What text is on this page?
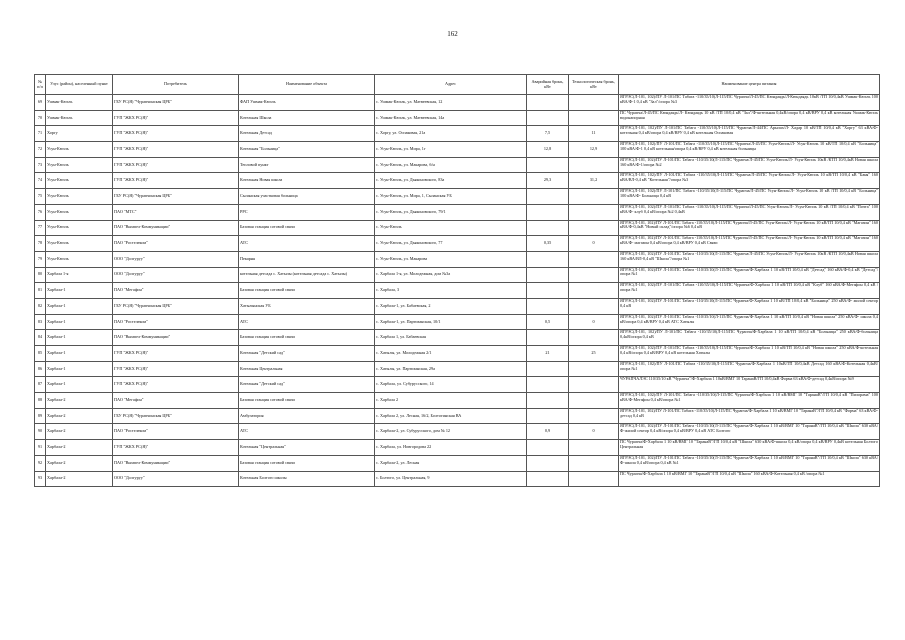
162
№ п/п	Улус (район), населенный пункт	Потребитель	Наименование объекта	Адрес	Аварийная бронь, кВт	Технологическая бронь, кВт	Наименование центра питания
69	Ушмак-Кюэль	ГБУ РС(Я) "Чурапчинская ЦРБ"	ФАП Ушмак-Кюэль	с. Ушмак-Кюэль, ул. Матвеевская, 12			ЯГРЭС(Л-101, 102)/ПУ Л-101/ПС Табага -110/35/10(Л-115/ПС Чурапча/Л-45/ПС Кюндаядь/Л-Кюндаядь 10кВ /ТП 10/0,4кВ Ушмак-Кюэль 100 кВА/Ф-1 0,4 кВ "Зал"/опора №3
70	Ушмак-Кюэль	ГУП "ЖКХ РС(Я)"	Котельная Школа	с. Ушмак-Кюэль, ул. Матвеевская, 14а			ПС Чурапча/Л-45/ПС Кюндаядь/Л- Кюндаядь 10 кВ /ТП 10/0,4 кВ "Зал"/Ф-котельная 0,4кВ/опора 0,4 кВ/ВРУ 0,4 кВ котельная Ушмак-Кюэль водонапорная
71	Хоргу	ГУП "ЖКХ РС(Я)"	Котельная Детсад	с. Хоргу, ул. Оспаковая, 21а	7,5	11	ЯГРЭС(Л-101, 102)/ПУ Л-101/ПС Табага -110/35/10(Л-115/ПС Чурапча/Л-44/ПС Арылах/Л- Хадар 10 кВ/ТП 10/0,4 кВ "Хоргу" 63 кВА/Ф-котельная 0,4 кВ/опора 0,4 кВ/ВРУ 0,4 кВ котельная Оспаковая
72	Усун-Кюэль	ГУП "ЖКХ РС(Я)"	Котельная "Больница"	с. Усун-Кюэль, ул. Мира, 1г	12,8	12,9	ЯГРЭС(Л-101, 102)/ПУ Л-101/ПС Табага -110/35/10(Л-115/ПС Чурапча/Л-45/ПС Усун-Кюэль/Л- Усун-Кюэль 10 кВ/ТП 10/0,4 кВ "Больница" 100 кВА/Ф-1 0,4 кВ котельная/опора 0,4 кВ/ВРУ 0,4 кВ котельная больницы
73	Усун-Кюэль	ГУП "ЖКХ РС(Я)"	Тепловой пункт	с. Усун-Кюэль, ул. Макарова, б/н			ЯГРЭС(Л-101, 102)/ПУ Л-101/ПС Табага -110/35/10(Л-115/ПС Чурапча/Л-45/ПС Усун-Кюэль/Л- Усун-Кюэль 10кВ /КТП 10/0,4кВ Новая школа 160 кВА/Ф-1/опора №2
74	Усун-Кюэль	ГУП "ЖКХ РС(Я)"	Котельная Новая школа	с. Усун-Кюэль, ул. Дьяконовского, 83а	29,3	31,2	ЯГРЭС(Л-101, 102)/ПУ Л-101/ПС Табага -110/35/10(Л-115/ПС Чурапча/Л-45/ПС Усун-Кюэль/Л- Усун-Кюэль 10 кВ/ТП 10/0,4 кВ "Баня" 160 кВА/ВЛ-0,4 кВ "Котельная"/опора №3
75	Усун-Кюэль	ГБУ РС(Я) "Чурапчинская ЦРБ"	Сыланская участковая больница	с. Усун-Кюэль, ул. Мира, 1, Сыланская УБ			ЯГРЭС(Л-101, 102)/ПУ Л-101/ПС Табага -110/35/10(Л-115/ПС Чурапча/Л-45/ПС Усун-Кюэль/Л- Усун-Кюэль 10 кВ /ТП 10/0,4 кВ "Больница" 100 кВА/Ф- Больница 0,4 кВ
76	Усун-Кюэль	ПАО "МТС"	РРС	с. Усун-Кюэль, ул. Дьяконовского, 79/1			ЯГРЭС(Л-101, 102)/ПУ Л-101/ПС Табага -110/35/10(Л-115/ПС Чурапча/Л-45/ПС Усун-Кюэль/Л- Усун-Кюэль 10 кВ /ТП 10/0,4 кВ "Почта" 100 кВА/Ф- клуб 0,4 кВ/опора №2 0,4кВ
77	Усун-Кюэль	ПАО "Вымпел-Коммуникации"	Базовая станция сотовой связи	с. Усун-Кюэль			ЯГРЭС(Л-101, 102)/ПУ Л-101/ПС Табага -110/35/10(Л-115/ПС Чурапча/Л-45/ПС Усун-Кюэль/Л- Усун-Кюэль 10 кВ/ТП 10/0,4 кВ "Магазин" 160 кВА/Ф-0,4кВ "Новый склад"/опора №6 0,4 кВ
78	Усун-Кюэль	ПАО "Ростелеком"	АТС	с. Усун-Кюэль, ул. Дьяконовского, 77	0,35	0	ЯГРЭС(Л-101, 102)/ПУ Л-101/ПС Табага -110/35/10(Л-115/ПС Чурапча/Л-45/ПС Усун-Кюэль/Л- Усун-Кюэль 10 кВ/ТП 10/0,4 кВ "Магазин" 160 кВА/Ф- магазин 0,4 кВ/опора 0,4 кВ/ВРУ 0,4 кВ Связи
79	Усун-Кюэль	ООО "Долгуруу"	Пекарня	с. Усун-Кюэль, ул. Макарова			ЯГРЭС(Л-101, 102)/ПУ Л-101/ПС Табага -110/35/10(Л-115/ПС Чурапча/Л-45/ПС Усун-Кюэль/Л- Усун-Кюэль 10кВ /КТП 10/0,4кВ Новая школа 160 кВА/ВЛ-0,4 кВ "Школа"/опора №1
80	Харбала 1-я	ООО "Долгуруу"	котельная детсада с. Хатылы (котельная детсада с. Хатылы)	с. Харбала 1-я, ул. Молодежная, дом №3а			ЯГРЭС(Л-101, 102)/ПУ Л-101/ПС Табага -110/35/10(Л-115/ПС Чурапча/Ф-Харбала 1 10 кВ/ТП 10/0,4 кВ "Детсад" 160 кВА/Ф-0,4 кВ "Детсад"/опора №1
81	Харбала-1	ПАО "Мегафон"	Базовая станция сотовой связи	с. Харбала, 3			ЯГРЭС(Л-101, 102)/ПУ Л-101/ПС Табага -110/35/10(Л-115/ПС Чурапча/Ф-Харбала 1 10 кВ/ТП 10/0,4 кВ "Клуб" 160 кВА/Ф-Мегафон 0,4 кВ /опора №1
82	Харбала-1	ГБУ РС(Я) "Чурапчинская ЦРБ"	Хатылынская УБ	с. Харбала-1, ул. Бабаевская, 2			ЯГРЭС(Л-101, 102)/ПУ Л-101/ПС Табага -110/35/10(Л-115/ПС Чурапча/Ф-Харбала 1 10 кВ/ТП 10/0,4 кВ "Больница" 250 кВА/Ф- жилой сектор 0,4 кВ
83	Харбала-1	ПАО "Ростелеком"	АТС	с. Харбала-1, ул. Партизанская, 10/1	0,5	0	ЯГРЭС(Л-101, 102)/ПУ Л-101/ПС Табага -110/35/10(Л-115/ПС Чурапча/Ф-Харбала 1 10 кВ/ТП 10/0,4 кВ "Новая школа" 250 кВА/Ф- школа 0,4 кВ/опора 0,4 кВ/ВРУ 0,4 кВ АТС Хатылы
84	Харбала-1	ПАО "Вымпел-Коммуникации"	Базовая станция сотовой связи	с. Харбала 1, ул. Бабаевская			ЯГРЭС(Л-101, 102)/ПУ Л-101/ПС Табага -110/35/10(Л-115/ПС Чурапча/Ф-Харбала 1 10 кВ/ТП 10/0,4 кВ "Больница" 250 кВА/Ф-больница 0,4кВ/опора 0,4 кВ
85	Харбала-1	ГУП "ЖКХ РС(Я)"	Котельная "Детский сад"	с. Хатылы, ул. Молодежная 2/1	21	25	ЯГРЭС(Л-101, 102)/ПУ Л-101/ПС Табага -110/35/10(Л-115/ПС Чурапча/Ф-Харбала 1 10 кВ/ТП 10/0,4 кВ "Новая школа" 250 кВА/Ф-котельная 0,4 кВ/опора 0,4 кВ/ВРУ 0,4 кВ котельная Хатылы
86	Харбала-1	ГУП "ЖКХ РС(Я)"	Котельная Центральная	с. Хатылы, ул. Партизанская, 29а			ЯГРЭС(Л-101, 102)/ПУ Л-101/ПС Табага -110/35/10(Л-115/ПС Чурапча/Ф-Харбала 1 10кВ/ТП 10/0,4кВ Детсад 160 кВА/Ф-Котельная 0,4кВ/опора №1
87	Харбала-1	ГУП "ЖКХ РС(Я)"	Котельная "Детский сад"	с. Харбала, ул. Субурусского, 14			ЧУРАПЧАЛЭС 110/35/10 кВ "Чурапча"/Ф-Харбала 1 10кВ/ВМГ 10 ТаранаВ/ГП 10/0,4кВ Форма 63 кВА/Ф-детсад 0,4кВ/опора №9
88	Харбала-2	ПАО "Мегафон"	Базовая станция сотовой связи	с. Харбала 2			ЯГРЭС(Л-101, 102)/ПУ Л-101/ПС Табага -110/35/10(Л-115/ПС Чурапча/Ф-Харбала 1 10 кВ/ВМГ 10 "ТаранаВ"/ГП 10/0,4 кВ "Пилорама" 100 кВА/Ф-Мегафон 0,4 кВ/опора №1
89	Харбала-2	ГБУ РС(Я) "Чурапчинская ЦРБ"	Амбулатория	с. Харбала 2, ул. Лесная, 16/2, Болтогинская ВА			ЯГРЭС(Л-101, 102)/ПУ Л-101/ПС Табага -110/35/10(Л-115/ПС Чурапча/Ф-Харбала 1 10 кВ/ВМГ 10 "ТаранаВ"/ГП 10/0,4 кВ "Форма" 63 кВА/Ф- детсад 0,4 кВ
90	Харбала-2	ПАО "Ростелеком"	АТС	с. Харбала-2, ул. Субурусского, дом № 12	0,9	0	ЯГРЭС(Л-101, 102)/ПУ Л-101/ПС Табага -110/35/10(Л-115/ПС Чурапча/Ф-Харбала 1 10 кВ/ВМГ 10 "ТаранаВ"/ГП 10/0,4 кВ "Школа" 630 кВА/Ф-жилой сектор 0,4 кВ/опора 0,4 кВ/ВРУ 0,4 кВ АТС Болтого
91	Харбала-2	ГУП "ЖКХ РС(Я)"	Котельная "Центральная"	с. Харбала, ул. Новгородова 22			ПС Чурапча/Ф-Харбала 1 10 кВ/ВМГ 10 "ТаранаВ"/ГП 10/0,4 кВ "Школа" 630 кВА/Ф-школа 0,4 кВ/опора 0,4 кВ/ВРУ 0,4кВ котельная Болтого Центральная
92	Харбала-2	ПАО "Вымпел-Коммуникации"	Базовая станция сотовой связи	с. Харбала-2, ул. Лесная			ЯГРЭС(Л-101, 102)/ПУ Л-101/ПС Табага -110/35/10(Л-115/ПС Чурапча/Ф-Харбала 1 10 кВ/ВМГ 10 "ТаранаВ"/ГП 10/0,4 кВ "Школа" 630 кВА/Ф-школа 0,4 кВ/опора 0,4 кВ №1
93	Харбала-2	ООО "Долгуруу"	Котельная Болтого школы	с. Болтого, ул. Центральная, 9			ПС Чурапча/Ф-Харбала 1 10 кВ/ВМГ 10 "ТаранаВ"/ГП 10/0,4 кВ "Школа" 160 кВА/Ф-Котельная 0,4 кВ /опора №1
